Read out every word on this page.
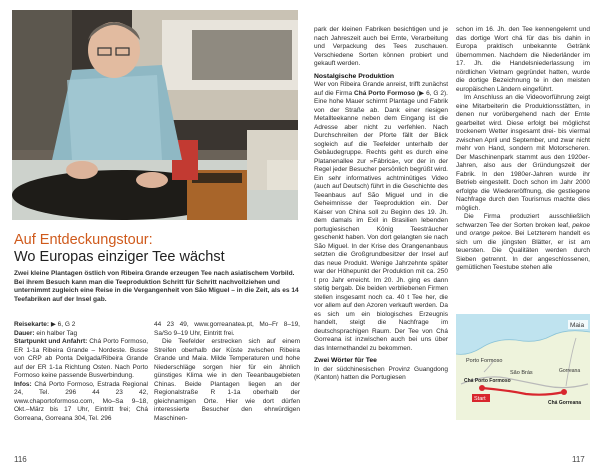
Auf Entdeckungstour:
Wo Europas einziger Tee wächst
Zwei kleine Plantagen östlich von Ribeira Grande erzeugen Tee nach asiatischem Vorbild. Bei ihrem Besuch kann man die Teeproduktion Schritt für Schritt nachvollziehen und unternimmt zugleich eine Reise in die Vergangenheit von São Miguel – in die Zeit, als es 14 Teefabriken auf der Insel gab.

Reisekarte: ▶ 6, G 2

Dauer: ein halber Tag

Startpunkt und Anfahrt: Chá Porto Formoso, ER 1-1a Ribeira Grande – Nordeste. Busse von CRP ab Ponta Delgada/Ribeira Grande auf der ER 1-1a Richtung Osten. Nach Porto Formoso keine passende Busverbindung.

Infos: Chá Porto Formoso, Estrada Regional 24, Tel. 296 44 23 42, www.chaportoformoso.com, Mo–Sa 9–18, Okt.–März bis 17 Uhr, Eintritt frei; Chá Gorreana, Gorreana 304, Tel. 296

44 23 49, www.gorreanatea.pt, Mo–Fr 8–19, Sa/So 9–19 Uhr, Eintritt frei.

Die Teefelder erstrecken sich auf einem Streifen oberhalb der Küste zwischen Ribeira Grande und Maia. Milde Temperaturen und hohe Niederschläge sorgen hier für ein ähnlich günstiges Klima wie in den Teeanbaugebieten Chinas. Beide Plantagen liegen an der Regionalstraße R 1-1a oberhalb der gleichnamigen Orte. Hier wie dort dürfen interessierte Besucher den ehrwürdigen Maschinen-

park der kleinen Fabriken besichtigen und je nach Jahreszeit auch bei Ernte, Verarbeitung und Verpackung des Tees zuschauen. Verschiedene Sorten können probiert und gekauft werden.

Nostalgische Produktion

Wer von Ribeira Grande anreist, trifft zunächst auf die Firma Chá Porto Formoso (▶ 6, G 2). Eine hohe Mauer schirmt Plantage und Fabrik von der Straße ab. Dank einer riesigen Metallteekanne neben dem Eingang ist die Adresse aber nicht zu verfehlen. Nach Durchschreiten der Pforte fällt der Blick sogleich auf die Teefelder unterhalb der Gebäudegruppe. Rechts geht es durch eine Platanenallee zur »Fábrica«, vor der in der Regel jeder Besucher persönlich begrüßt wird. Ein sehr informatives achtminütiges Video (auch auf Deutsch) führt in die Geschichte des Teeanbaus auf São Miguel und in die Geheimnisse der Teeproduktion ein. Der Kaiser von China soll zu Beginn des 19. Jh. dem damals im Exil in Brasilien lebenden portugiesischen König Teesträucher geschenkt haben. Von dort gelangten sie nach São Miguel. In der Krise des Orangenanbaus setzten die Großgrundbesitzer der Insel auf das neue Produkt. Wenige Jahrzehnte später war der Höhepunkt der Produktion mit ca. 250 t pro Jahr erreicht. Im 20. Jh. ging es dann stetig bergab. Die beiden verbliebenen Firmen stellen insgesamt noch ca. 40 t Tee her, die vor allem auf den Azoren verkauft werden. Da es sich um ein biologisches Erzeugnis handelt, steigt die Nachfrage im deutschsprachigen Raum. Der Tee von Chá Gorreana ist inzwischen auch bei uns über das Internethandel zu bekommen.

Zwei Wörter für Tee

In der südchinesischen Provinz Guangdong (Kanton) hatten die Portugiesen

schon im 16. Jh. den Tee kennengelernt und das dortige Wort chá für das bis dahin in Europa praktisch unbekannte Getränk übernommen. Nachdem die Niederländer im 17. Jh. die Handelsniederlassung im nördlichen Vietnam gegründet hatten, wurde die dortige Bezeichnung te in den meisten europäischen Ländern eingeführt.

Im Anschluss an die Videovorführung zeigt eine Mitarbeiterin die Produktionsstätten, in denen nur vorübergehend nach der Ernte gearbeitet wird. Diese erfolgt bei möglichst trockenem Wetter insgesamt drei- bis viermal zwischen April und September, und zwar nicht mehr von Hand, sondern mit Motorscheren. Der Maschinenpark stammt aus den 1920er-Jahren, also aus der Gründungszeit der Fabrik. In den 1980er-Jahren wurde ihr Betrieb eingestellt. Doch schon im Jahr 2000 erfolgte die Wiedereröffnung, die gestiegene Nachfrage durch den Tourismus machte dies möglich.

Die Firma produziert ausschließlich schwarzen Tee der Sorten broken leaf, pekoe und orange pekoe. Bei Letzterem handelt es sich um die jüngsten Blätter, er ist am teuersten. Die Qualitäten werden durch Sieben getrennt. In der angeschlossenen, gemütlichen Teestube stehen alle

Maia
Porto Formoso
São Brás	Gorreana
Chá Porto Formoso
Chá Gorreana
Start
116	117
